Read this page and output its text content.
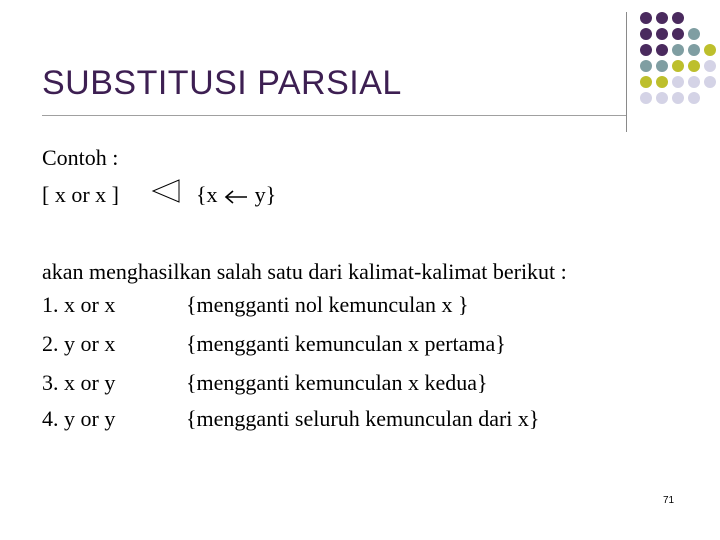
SUBSTITUSI PARSIAL
Contoh :
[ x or x ]	{x y}
akan menghasilkan salah satu dari kalimat-kalimat berikut :
1. x or x	{mengganti nol kemunculan x }
2. y or x	{mengganti kemunculan x pertama}
3. x or y	{mengganti kemunculan x kedua}
4. y or y	{mengganti seluruh kemunculan dari x}
71
